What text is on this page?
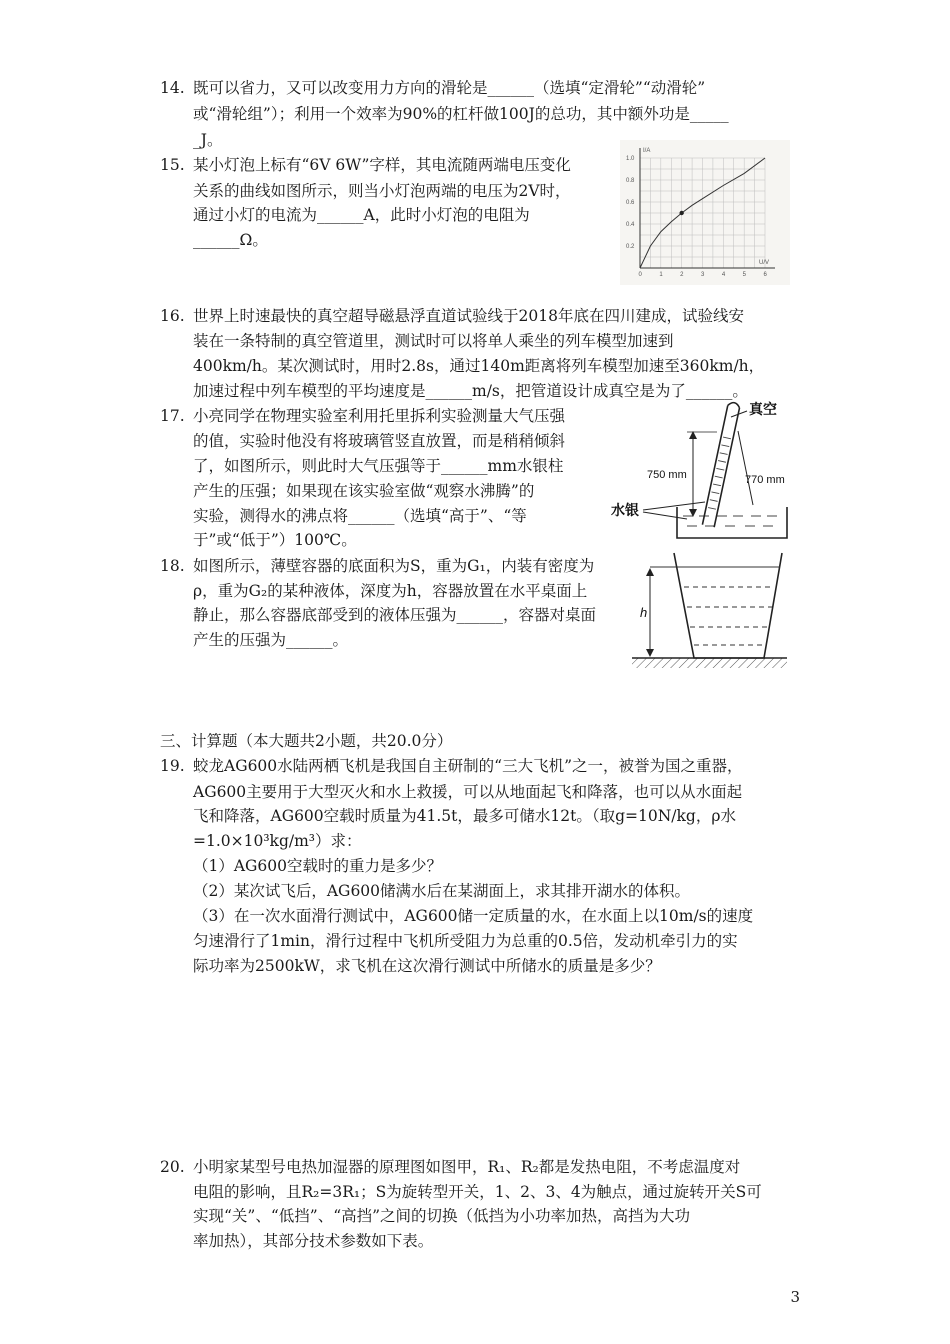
14. 既可以省力，又可以改变用力方向的滑轮是______（选填“定滑轮”“动滑轮”
或“滑轮组”）；利用一个效率为90%的杠杆做100J的总功，其中额外功是_____
_J。
15. 某小灯泡上标有“6V 6W”字样，其电流随两端电压变化
关系的曲线如图所示，则当小灯泡两端的电压为2V时，
通过小灯的电流为______A，此时小灯泡的电阻为
______Ω。
0	1	2	3	4	5	6
0.2
0.4
0.6
0.8
1.0
I/A
U/V
16. 世界上时速最快的真空超导磁悬浮直道试验线于2018年底在四川建成，试验线安
装在一条特制的真空管道里，测试时可以将单人乘坐的列车模型加速到
400km/h。某次测试时，用时2.8s，通过140m距离将列车模型加速至360km/h，
加速过程中列车模型的平均速度是______m/s，把管道设计成真空是为了______。
17. 小亮同学在物理实验室利用托里拆利实验测量大气压强
的值，实验时他没有将玻璃管竖直放置，而是稍稍倾斜
了，如图所示，则此时大气压强等于______mm水银柱
产生的压强；如果现在该实验室做“观察水沸腾”的
实验，测得水的沸点将______（选填“高于”、“等
于”或“低于”）100℃。
750 mm	770 mm
真空
水银
18. 如图所示，薄壁容器的底面积为S，重为G₁，内装有密度为
ρ，重为G₂的某种液体，深度为h，容器放置在水平桌面上
静止，那么容器底部受到的液体压强为______，容器对桌面
产生的压强为______。
h
三、计算题（本大题共2小题，共20.0分）
19. 蛟龙AG600水陆两栖飞机是我国自主研制的“三大飞机”之一，被誉为国之重器，
AG600主要用于大型灭火和水上救援，可以从地面起飞和降落，也可以从水面起
飞和降落，AG600空载时质量为41.5t，最多可储水12t。（取g=10N/kg，ρ水
=1.0×10³kg/m³）求：
（1）AG600空载时的重力是多少？
（2）某次试飞后，AG600储满水后在某湖面上，求其排开湖水的体积。
（3）在一次水面滑行测试中，AG600储一定质量的水，在水面上以10m/s的速度
匀速滑行了1min，滑行过程中飞机所受阻力为总重的0.5倍，发动机牵引力的实
际功率为2500kW，求飞机在这次滑行测试中所储水的质量是多少？
20. 小明家某型号电热加湿器的原理图如图甲，R₁、R₂都是发热电阻，不考虑温度对
电阻的影响，且R₂=3R₁；S为旋转型开关，1、2、3、4为触点，通过旋转开关S可
实现“关”、“低挡”、“高挡”之间的切换（低挡为小功率加热，高挡为大功
率加热），其部分技术参数如下表。
3
